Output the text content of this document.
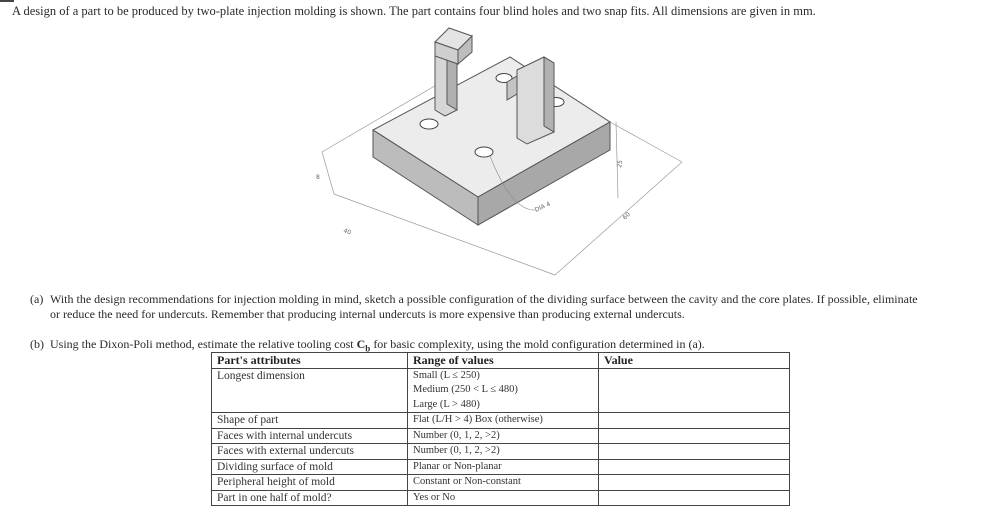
A design of a part to be produced by two-plate injection molding is shown. The part contains four blind holes and two snap fits. All dimensions are given in mm.
8
40
60
25
DIA 4
(a) With the design recommendations for injection molding in mind, sketch a possible configuration of the dividing surface between the cavity and the core plates. If possible, eliminate
or reduce the need for undercuts. Remember that producing internal undercuts is more expensive than producing external undercuts.
(b) Using the Dixon-Poli method, estimate the relative tooling cost $C_b$ for basic complexity, using the mold configuration determined in (a).
Part's attributes	Range of values	Value
Longest dimension	Small (L ≤ 250)
Medium (250 < L ≤ 480)
Large (L > 480)	

Shape of part	Flat (L/H > 4) Box (otherwise)	

Faces with internal undercuts	Number (0, 1, 2, >2)	

Faces with external undercuts	Number (0, 1, 2, >2)	

Dividing surface of mold	Planar or Non-planar	

Peripheral height of mold	Constant or Non-constant	

Part in one half of mold?	Yes or No	
